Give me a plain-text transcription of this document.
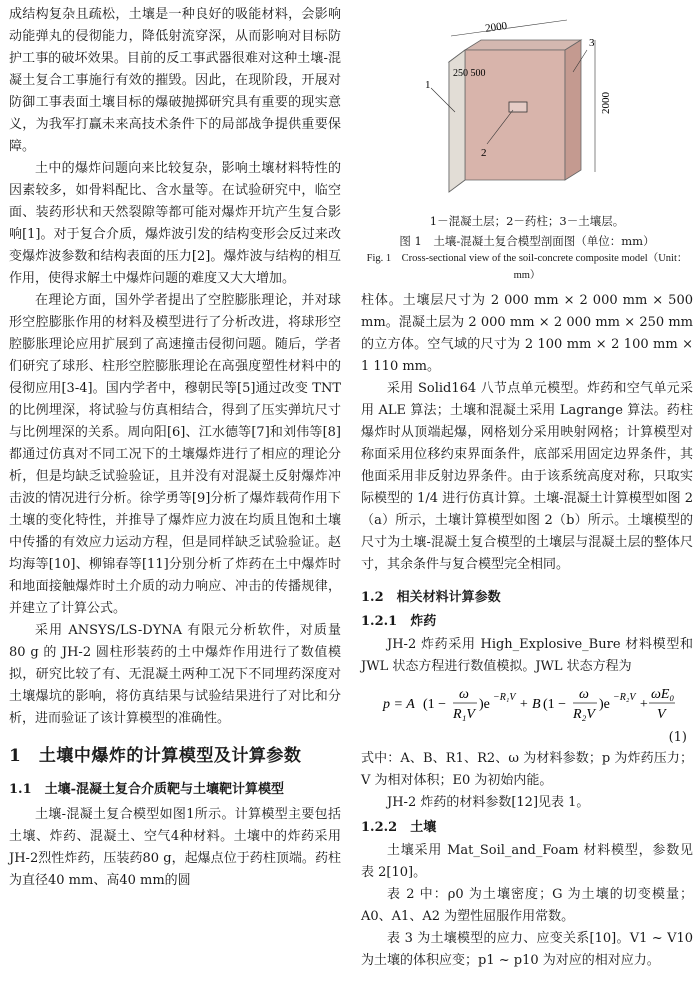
成结构复杂且疏松，土壤是一种良好的吸能材料，会影响动能弹丸的侵彻能力，降低射流穿深，从而影响对目标防护工事的破坏效果。目前的反工事武器很难对这种土壤-混凝土复合工事施行有效的摧毁。因此，在现阶段，开展对防御工事表面土壤目标的爆破抛掷研究具有重要的现实意义，为我军打赢未来高技术条件下的局部战争提供重要保障。

土中的爆炸问题向来比较复杂，影响土壤材料特性的因素较多，如骨料配比、含水量等。在试验研究中，临空面、装药形状和天然裂隙等都可能对爆炸开坑产生复合影响[1]。对于复合介质，爆炸波引发的结构变形会反过来改变爆炸波参数和结构表面的压力[2]。爆炸波与结构的相互作用，使得求解土中爆炸问题的难度又大大增加。

在理论方面，国外学者提出了空腔膨胀理论，并对球形空腔膨胀作用的材料及模型进行了分析改进，将球形空腔膨胀理论应用扩展到了高速撞击侵彻问题。随后，学者们研究了球形、柱形空腔膨胀理论在高强度塑性材料中的侵彻应用[3-4]。国内学者中，穆朝民等[5]通过改变 TNT 的比例埋深，将试验与仿真相结合，得到了压实弹坑尺寸与比例埋深的关系。周向阳[6]、江水德等[7]和刘伟等[8]都通过仿真对不同工况下的土壤爆炸进行了相应的理论分析，但是均缺乏试验验证，且并没有对混凝土反射爆炸冲击波的情况进行分析。徐学勇等[9]分析了爆炸载荷作用下土壤的变化特性，并推导了爆炸应力波在均质且饱和土壤中传播的有效应力运动方程，但是同样缺乏试验验证。赵均海等[10]、柳锦春等[11]分别分析了炸药在土中爆炸时和地面接触爆炸时土介质的动力响应、冲击的传播规律，并建立了计算公式。

采用 ANSYS/LS-DYNA 有限元分析软件，对质量 80 g 的 JH-2 圆柱形装药的土中爆炸作用进行了数值模拟，研究比较了有、无混凝土两种工况下不同埋药深度对土壤爆坑的影响，将仿真结果与试验结果进行了对比和分析，进而验证了该计算模型的准确性。

1　土壤中爆炸的计算模型及计算参数
1.1　土壤-混凝土复合介质靶与土壤靶计算模型

土壤-混凝土复合模型如图1所示。计算模型主要包括土壤、炸药、混凝土、空气4种材料。土壤中的炸药采用JH-2烈性炸药，压装药80 g，起爆点位于药柱顶端。药柱为直径40 mm、高40 mm的圆

2000
250 500
2000
1
2
3

1－混凝土层；2－药柱；3－土壤层。

图 1　土壤-混凝土复合模型剖面图（单位：mm）

Fig. 1　Cross-sectional view of the soil-concrete composite model（Unit：mm）

柱体。土壤层尺寸为 2 000 mm × 2 000 mm × 500 mm。混凝土层为 2 000 mm × 2 000 mm × 250 mm 的立方体。空气域的尺寸为 2 100 mm × 2 100 mm × 1 110 mm。

采用 Solid164 八节点单元模型。炸药和空气单元采用 ALE 算法；土壤和混凝土采用 Lagrange 算法。药柱爆炸时从顶端起爆，网格划分采用映射网格；计算模型对称面采用位移约束界面条件，底部采用固定边界条件，其他面采用非反射边界条件。由于该系统高度对称，只取实际模型的 1/4 进行仿真计算。土壤-混凝土计算模型如图 2（a）所示，土壤计算模型如图 2（b）所示。土壤模型的尺寸为土壤-混凝土复合模型的土壤层与混凝土层的整体尺寸，其余条件与复合模型完全相同。

1.2　相关材料计算参数
1.2.1　炸药

JH-2 炸药采用 High_Explosive_Bure 材料模型和 JWL 状态方程进行数值模拟。JWL 状态方程为

p = A (1 −
ω
R₁V
)e −R₁V + B (1 −
ω
R₂V
)e −R₂V +
ωE₀
V

(1)

式中：A、B、R1、R2、ω 为材料参数；p 为炸药压力；V 为相对体积；E0 为初始内能。

JH-2 炸药的材料参数[12]见表 1。

1.2.2　土壤

土壤采用 Mat_Soil_and_Foam 材料模型，参数见表 2[10]。

表 2 中：ρ0 为土壤密度；G 为土壤的切变模量；A0、A1、A2 为塑性屈服作用常数。

表 3 为土壤模型的应力、应变关系[10]。V1 ~ V10 为土壤的体积应变；p1 ~ p10 为对应的相对应力。
